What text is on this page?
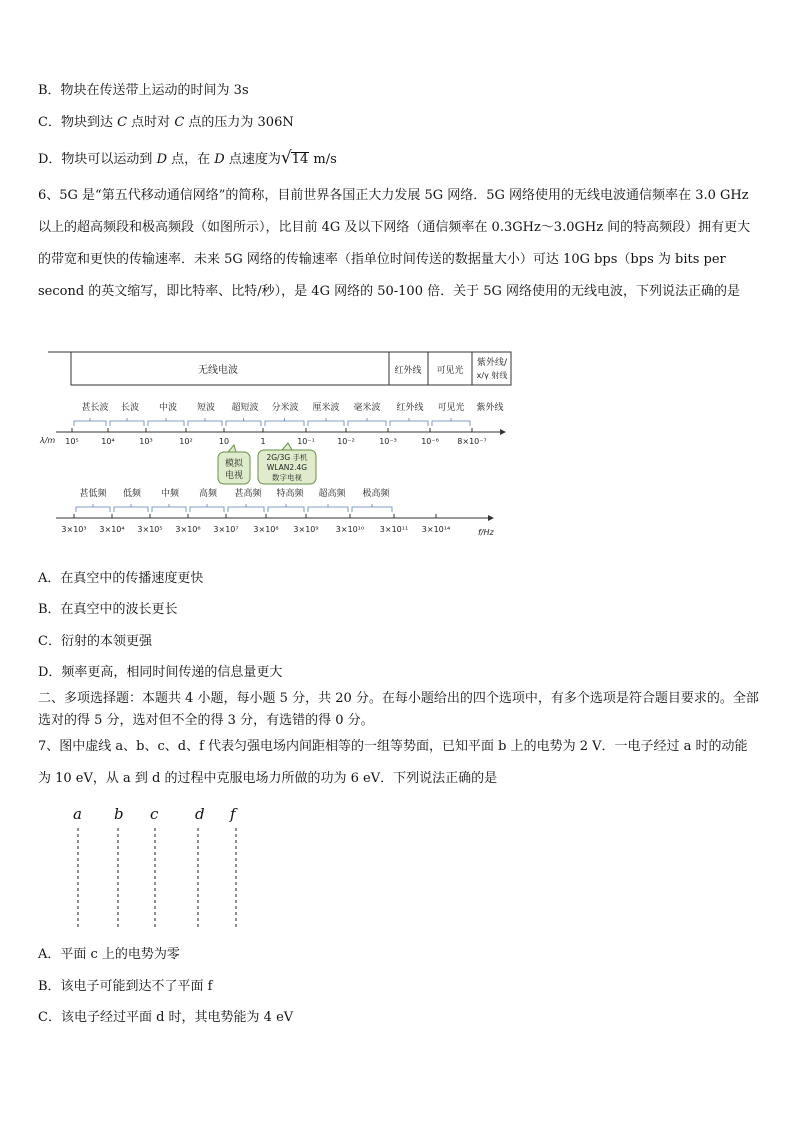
B．物块在传送带上运动的时间为 3s
C．物块到达 C 点时对 C 点的压力为 306N
D．物块可以运动到 D 点，在 D 点速度为√14 m/s
6、5G 是“第五代移动通信网络”的简称，目前世界各国正大力发展 5G 网络．5G 网络使用的无线电波通信频率在 3.0 GHz 以上的超高频段和极高频段（如图所示），比目前 4G 及以下网络（通信频率在 0.3GHz～3.0GHz 间的特高频段）拥有更大的带宽和更快的传输速率．未来 5G 网络的传输速率（指单位时间传送的数据量大小）可达 10G bps（bps 为 bits per second 的英文缩写，即比特率、比特/秒），是 4G 网络的 50-100 倍．关于 5G 网络使用的无线电波，下列说法正确的是
无线电波	红外线 可见光
紫外线/
x/γ 射线
甚长波 长波 中波 短波 超短波 分米波 厘米波 毫米波 红外线 可见光 紫外线
λ/m 10⁵	10⁴	10³	10²	10	1	10⁻¹	10⁻²	10⁻³	10⁻⁶ 8×10⁻⁷
模拟
电视
2G/3G 手机
WLAN2.4G
数字电视
甚低频 低频 中频 高频 甚高频 特高频 超高频 极高频
3×10³ 3×10⁴ 3×10⁵ 3×10⁶ 3×10⁷ 3×10⁸ 3×10⁹ 3×10¹⁰ 3×10¹¹ 3×10¹⁴	f/Hz
A．在真空中的传播速度更快
B．在真空中的波长更长
C．衍射的本领更强
D．频率更高，相同时间传递的信息量更大
二、多项选择题：本题共 4 小题，每小题 5 分，共 20 分。在每小题给出的四个选项中，有多个选项是符合题目要求的。全部选对的得 5 分，选对但不全的得 3 分，有选错的得 0 分。
7、图中虚线 a、b、c、d、f 代表匀强电场内间距相等的一组等势面，已知平面 b 上的电势为 2 V．一电子经过 a 时的动能为 10 eV，从 a 到 d 的过程中克服电场力所做的功为 6 eV．下列说法正确的是
a b c d f
A．平面 c 上的电势为零
B．该电子可能到达不了平面 f
C．该电子经过平面 d 时，其电势能为 4 eV
